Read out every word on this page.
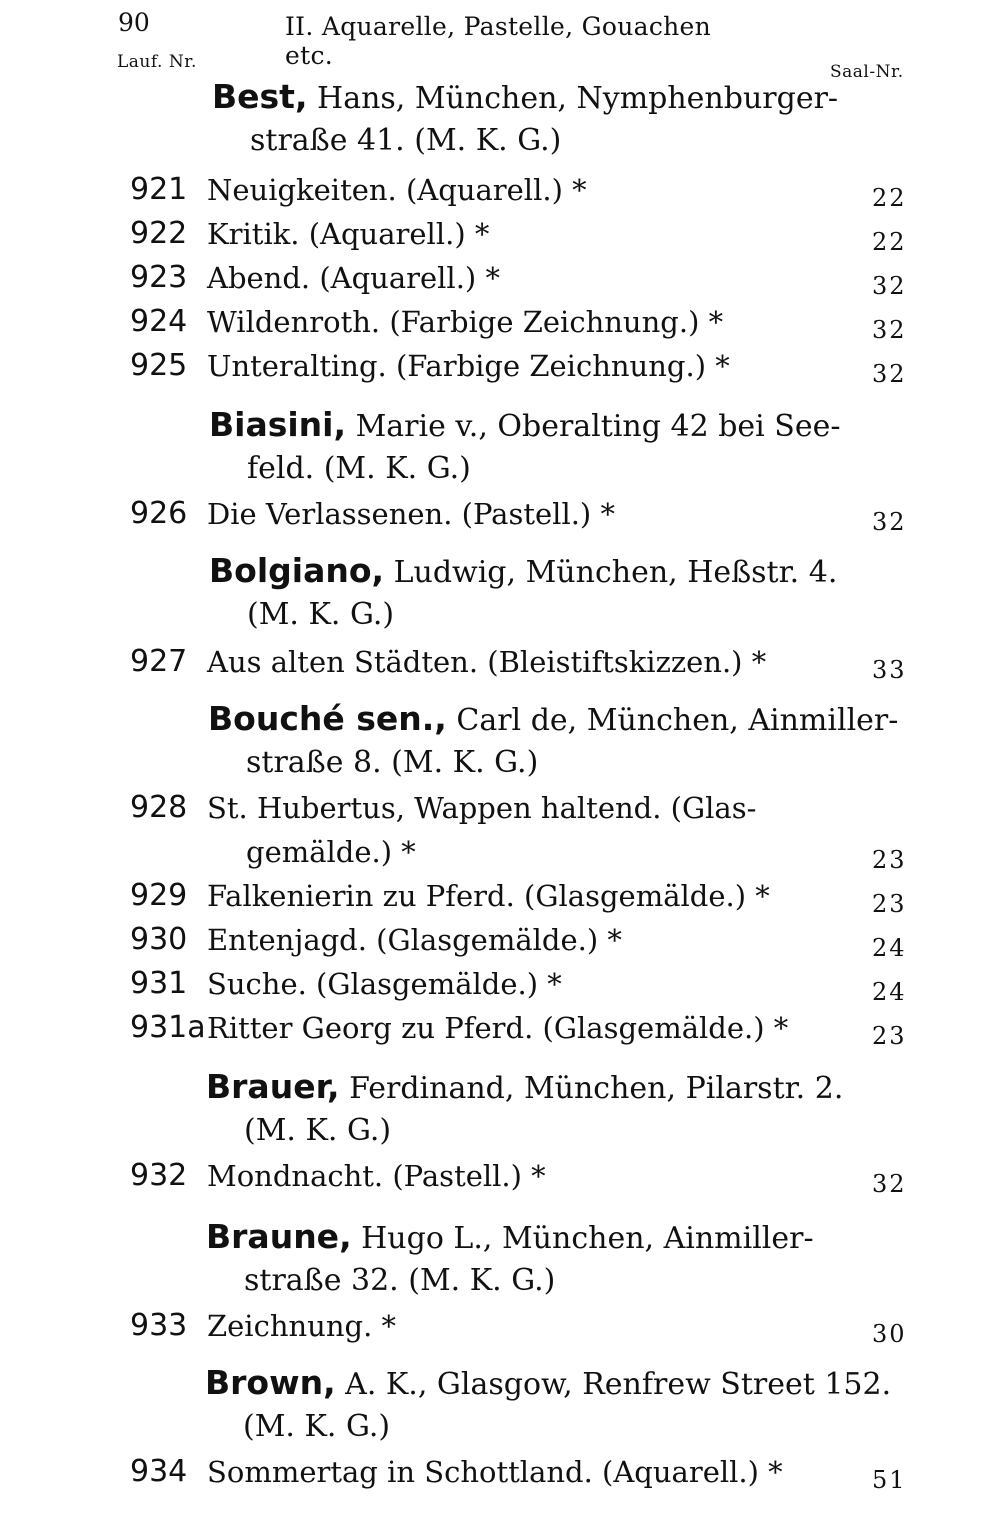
90	II. Aquarelle, Pastelle, Gouachen etc.
Lauf. Nr.	Saal-Nr.
Best, Hans, München, Nymphenburger-
straße 41. (M. K. G.)
921 Neuigkeiten. (Aquarell.) *	22
922 Kritik. (Aquarell.) *	22
923 Abend. (Aquarell.) *	32
924 Wildenroth. (Farbige Zeichnung.) *	32
925 Unteralting. (Farbige Zeichnung.) *	32
Biasini, Marie v., Oberalting 42 bei See-
feld. (M. K. G.)
926 Die Verlassenen. (Pastell.) *	32
Bolgiano, Ludwig, München, Heßstr. 4.
(M. K. G.)
927 Aus alten Städten. (Bleistiftskizzen.) *	33
Bouché sen., Carl de, München, Ainmiller-
straße 8. (M. K. G.)
928 St. Hubertus, Wappen haltend. (Glas-
gemälde.) *	23
929 Falkenierin zu Pferd. (Glasgemälde.) *	23
930 Entenjagd. (Glasgemälde.) *	24
931 Suche. (Glasgemälde.) *	24
931a Ritter Georg zu Pferd. (Glasgemälde.) *	23
Brauer, Ferdinand, München, Pilarstr. 2.
(M. K. G.)
932 Mondnacht. (Pastell.) *	32
Braune, Hugo L., München, Ainmiller-
straße 32. (M. K. G.)
933 Zeichnung. *	30
Brown, A. K., Glasgow, Renfrew Street 152.
(M. K. G.)
934 Sommertag in Schottland. (Aquarell.) *	51
